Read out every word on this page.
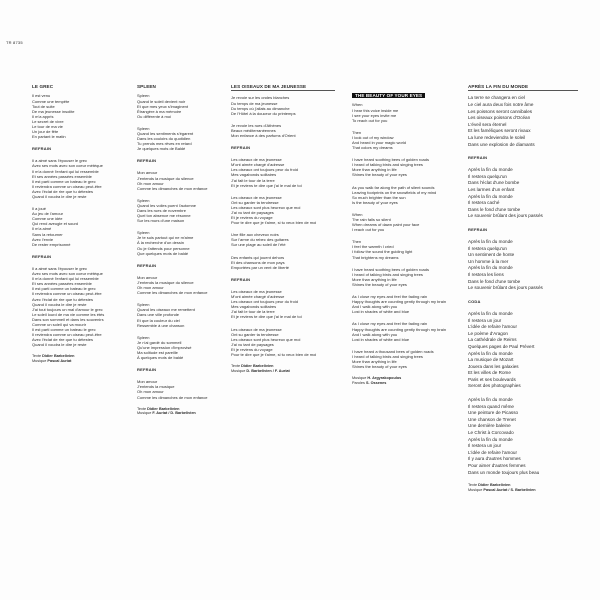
TR 8735
LE GREC
Il est venu
Comme une tempête
Tout de suite
De ma jeunesse insolite
Il m'a appris
Le secret de vivre
Le tour de ma vie
Un jour de fête
En partant le matin
REFRAIN
Il a aimé sans l'épouser le grec
Avec ses mots avec son coeur métèque
Il m'a donné l'enfant qui lui ressemble
Et ses années passées ensemble
Il est parti comme un bateau le grec
Il reviendra comme un oiseau peut-être
Avec l'éclat de rire que tu détestes
Quand il voudra le dire je reste
Il a joué
Au jeu de l'amour
Comme une idée
Qui rend aveugle et sourd
Il m'a aimé
Sans la retourner
Avec l'envie
De rester emprisonné
REFRAIN
Il a aimé sans l'épouser le grec
Avec ses mots avec son coeur métèque
Il m'a donné l'enfant qui lui ressemble
Et ses années passées ensemble
Il est parti comme un bateau le grec
Il reviendra comme un oiseau peut-être
Avec l'éclat de rire que tu détestes
Quand il voudra le dire je reste
J'ai tout toujours un mal d'amour le grec
Le soleil lourd de ma vie comme les étés
Dans son sommeil et dans les souvenirs
Comme un soleil qui va mourir
Il est parti comme un bateau le grec
Il reviendra comme un oiseau peut-être
Avec l'éclat de rire que tu détestes
Quand il voudra le dire je reste
Texte Didier Barbelivien
Musique Pascal Auriat
SPLEEN
Spleen
Quand le soleil devient noir
Et que mes yeux s'imaginent
Étrangère à ma mémoire
Ou différente à moi
Spleen
Quand les sentiments s'égarent
Dans les couloirs du quotidien
Tu prends mes rêves en retard
Je quelques mots de Baldé
REFRAIN
Mon amour
J'entends la musique du silence
Oh mon amour
Comme les dimanches de mon enfance
Spleen
Quand les voiles puent l'automne
Dans les rues de novembre
Quel ton absence me résonne
Sur les murs d'une maison
Spleen
Je te suis partout qui ne m'aime
À la recherche d'un dessin
Ou je t'attends pour personne
Que quelques mots de baldé
REFRAIN
Mon amour
J'entends la musique du silence
Oh mon amour
Comme les dimanches de mon enfance
Spleen
Quand les oiseaux me remettent
Dans une ville profonde
Et que la couleur du ciel
Ressemble à une chanson
Spleen
Je n'ai gardé du sommeil
Qu'une impression d'improvisé
Ma solitude est pareille
À quelques mots de baldé
REFRAIN
Mon amour
J'entends la musique
Oh mon amour
Comme les dimanches de mon enfance
Texte Didier Barbelivien
Musique F. Auriat / D. Barbelivien
LES OISEAUX DE MA JEUNESSE
Je revoie sur les ondes blanches
Du temps de ma jeunesse
Du temps où j'allais au dimanche
De l'Hôtel à la douceur du printemps
Je revoie les rues d'Athènes
Beaux méditerranéennes
Mon enfance à des parfums d'Orient
REFRAIN
Les oiseaux de ma jeunesse
M'ont aimée chargé d'adresse
Les oiseaux ont toujours peur du froid
Mes vagabonds solitaires
J'ai fait le tour de la terre
Et je reviens te dire que j'ai le mal de toi
Les oiseaux de ma jeunesse
Ont su garder ta tendresse
Les oiseaux sont plus heureux que moi
J'ai vu tant de paysages
Et je reviens du voyage
Pour te dire que je t'aime, si tu veux bien de moi
Une fille aux cheveux noirs
Sur l'arme du rebec des guitares
Sur une plage au soleil de l'été
Des enfants qui jouent dehors
Et des chansons de mon pays
Emportées par un vent de liberté
REFRAIN
Les oiseaux de ma jeunesse
M'ont aimée chargé d'adresse
Les oiseaux ont toujours peur du froid
Mes vagabonds solitaires
J'ai fait le tour de la terre
Et je reviens te dire que j'ai le mal de toi
Les oiseaux de ma jeunesse
Ont su garder ta tendresse
Les oiseaux sont plus heureux que moi
J'ai vu tant de paysages
Et je reviens du voyage
Pour te dire que je t'aime, si tu veux bien de moi
Texte Didier Barbelivien
Musique D. Barbelivien / F. Auriat
THE BEAUTY OF YOUR EYES
When
I hear this voice inside me
I see your eyes invite me
To reach out for you
Then
I look out of my window
And heard in your magic world
That colors my dreams
I have heard soothing bees of golden roads
I heard of talking birds and singing trees
More than anything in life
Shines the beauty of your eyes
As you walk far along the path of silent sounds
Leaving footprints on the snowfields of my mind
So much brighter than the sun
Is the beauty of your eyes
When
The rain falls so silent
When dreams of dawn paint your face
I reach out for you
Then
I feel the warmth I cried
I follow the sound the guiding light
That brightens my dreams
I have heard soothing bees of golden roads
I heard of talking birds and singing trees
More than anything in life
Shines the beauty of your eyes
As I close my eyes and feel the fading rain
Happy thoughts are counting gently through my brain
And I walk along with you
Lost in shades of white and blue
As I close my eyes and feel the fading rain
Happy thoughts are counting gently through my brain
And I walk along with you
Lost in shades of white and blue
I have heard a thousand bees of golden roads
I heard of talking birds and singing trees
More than anything in life
Shines the beauty of your eyes
Musique H. Argyrakopoulos
Paroles S. Ossenes
APRÈS LA FIN DU MONDE
La terre se changera en ciel
Le ciel aura deux fois notre âme
Les poissons seront cannibales
Les oiseaux poissons d'Océan
L'éveil sera éternel
Et les faméliques seront rivaux
La lune redeviendra le soleil
Dans une explosion de diamants
REFRAIN
Après la fin du monde
Il restera quelqu'un
Dans l'éclat d'une bombe
Les larmes d'un enfant
Après la fin du monde
Il restera caché
Dans le fond d'une tombe
Le souvenir brûlant des jours passés
REFRAIN
Après la fin du monde
Il restera quelqu'un
Un sentiment de honte
Un homme à la mer
Après la fin du monde
Il restera les liens
Dans le fond d'une tombe
Le souvenir brûlant des jours passés
CODA
Après la fin du monde
Il restera un jour
L'idée de refaire l'amour
Le poème d'Aragon
La cathédrale de Reims
Quelques pages de Paul Prévert
Après la fin du monde
La musique de Mozart
Jouera dans les galaxies
Et les villes de Rome
Paris et ses boulevards
Seront des photographies
Après la fin du monde
Il restera quand même
Une peinture de Picasso
Une chanson de Trenet
Une dernière baleine
Le Christ à Corcovado
Après la fin du monde
Il restera un jour
L'idée de refaire l'amour
Il y aura d'autres hommes
Pour aimer d'autres femmes
Dans un monde toujours plus beau
Texte Didier Barbelivien
Musique Pascal Auriat / S. Barbelivien
